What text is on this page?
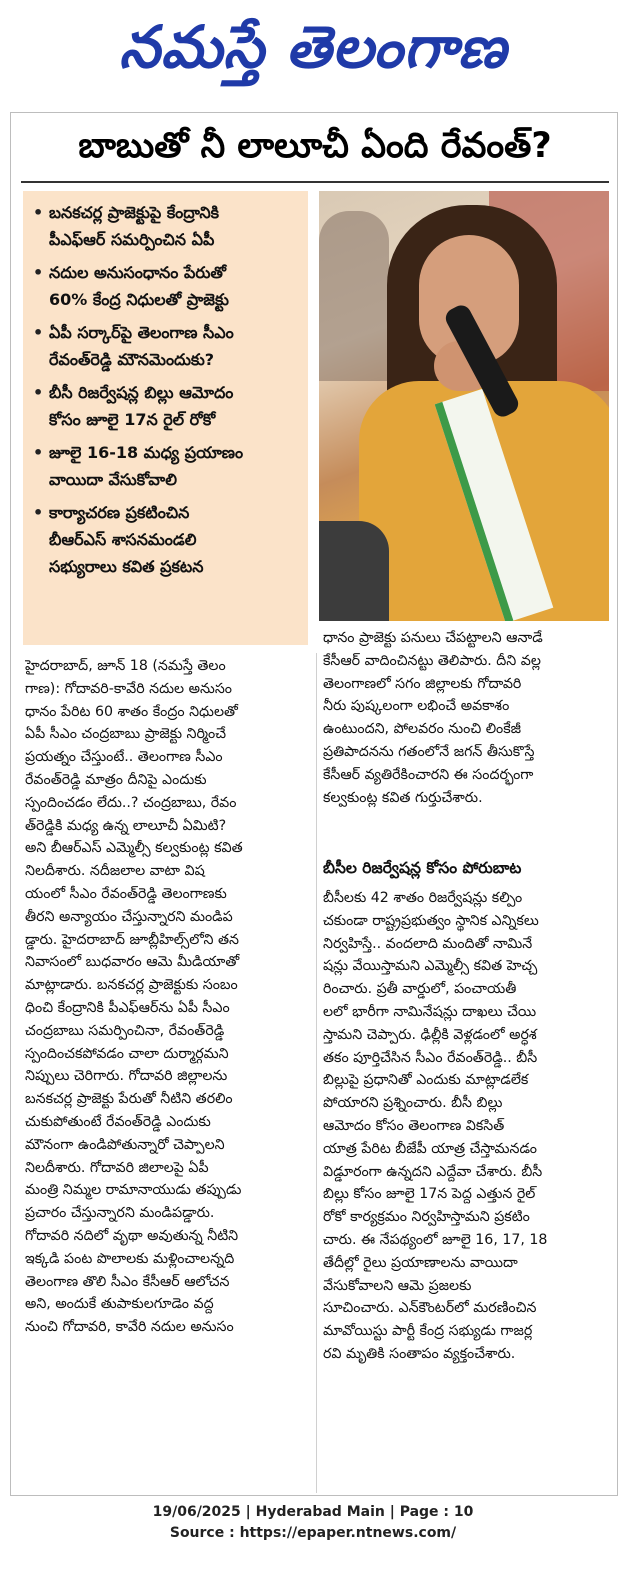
నమస్తే తెలంగాణ
బాబుతో నీ లాలూచీ ఏంది రేవంత్?
• బనకచర్ల ప్రాజెక్టుపై కేంద్రానికి
పీఎఫ్ఆర్ సమర్పించిన ఏపీ
• నదుల అనుసంధానం పేరుతో
60% కేంద్ర నిధులతో ప్రాజెక్టు
• ఏపీ సర్కార్‌పై తెలంగాణ సీఎం
రేవంత్‌రెడ్డి మౌనమెందుకు?
• బీసీ రిజర్వేషన్ల బిల్లు ఆమోదం
కోసం జూలై 17న రైల్ రోకో
• జూలై 16-18 మధ్య ప్రయాణం
వాయిదా వేసుకోవాలి
• కార్యాచరణ ప్రకటించిన
బీఆర్ఎస్ శాసనమండలి
సభ్యురాలు కవిత ప్రకటన
హైదరాబాద్, జూన్ 18 (నమస్తే తెలం
గాణ): గోదావరి-కావేరి నదుల అనుసం
ధానం పేరిట 60 శాతం కేంద్రం నిధులతో
ఏపీ సీఎం చంద్రబాబు ప్రాజెక్టు నిర్మించే
ప్రయత్నం చేస్తుంటే.. తెలంగాణ సీఎం
రేవంత్‌రెడ్డి మాత్రం దీనిపై ఎందుకు
స్పందించడం లేదు..? చంద్రబాబు, రేవం
త్‌రెడ్డికి మధ్య ఉన్న లాలూచీ ఏమిటి?
అని బీఆర్ఎస్ ఎమ్మెల్సీ కల్వకుంట్ల కవిత
నిలదీశారు. నదీజలాల వాటా విష
యంలో సీఎం రేవంత్‌రెడ్డి తెలంగాణకు
తీరని అన్యాయం చేస్తున్నారని మండిప
డ్డారు. హైదరాబాద్ జూబ్లీహిల్స్‌లోని తన
నివాసంలో బుధవారం ఆమె మీడియాతో
మాట్లాడారు. బనకచర్ల ప్రాజెక్టుకు సంబం
ధించి కేంద్రానికి పీఎఫ్ఆర్‌ను ఏపీ సీఎం
చంద్రబాబు సమర్పించినా, రేవంత్‌రెడ్డి
స్పందించకపోవడం చాలా దుర్మార్గమని
నిప్పులు చెరిగారు. గోదావరి జిల్లాలను
బనకచర్ల ప్రాజెక్టు పేరుతో నీటిని తరలిం
చుకుపోతుంటే రేవంత్‌రెడ్డి ఎందుకు
మౌనంగా ఉండిపోతున్నారో చెప్పాలని
నిలదీశారు. గోదావరి జిలాలపై ఏపీ
మంత్రి నిమ్మల రామానాయుడు తప్పుడు
ప్రచారం చేస్తున్నారని మండిపడ్డారు.
గోదావరి నదిలో వృథా అవుతున్న నీటిని
ఇక్కడి పంట పొలాలకు మళ్లించాలన్నది
తెలంగాణ తొలి సీఎం కేసీఆర్ ఆలోచన
అని, అందుకే తుపాకులగూడెం వద్ద
నుంచి గోదావరి, కావేరి నదుల అనుసం
ధానం ప్రాజెక్టు పనులు చేపట్టాలని ఆనాడే
కేసీఆర్ వాదించినట్టు తెలిపారు. దీని వల్ల
తెలంగాణలో సగం జిల్లాలకు గోదావరి
నీరు పుష్కలంగా లభించే అవకాశం
ఉంటుందని, పోలవరం నుంచి లింకేజీ
ప్రతిపాదనను గతంలోనే జగన్ తీసుకొస్తే
కేసీఆర్ వ్యతిరేకించారని ఈ సందర్భంగా
కల్వకుంట్ల కవిత గుర్తుచేశారు.
బీసీల రిజర్వేషన్ల కోసం పోరుబాట
బీసీలకు 42 శాతం రిజర్వేషన్లు కల్పిం
చకుండా రాష్ట్రప్రభుత్వం స్థానిక ఎన్నికలు
నిర్వహిస్తే.. వందలాది మందితో నామినే
షన్లు వేయిస్తామని ఎమ్మెల్సీ కవిత హెచ్చ
రించారు. ప్రతీ వార్డులో, పంచాయతీ
లలో భారీగా నామినేషన్లు దాఖలు చేయి
స్తామని చెప్పారు. ఢిల్లీకి వెళ్లడంలో అర్ధశ
తకం పూర్తిచేసిన సీఎం రేవంత్‌రెడ్డి.. బీసీ
బిల్లుపై ప్రధానితో ఎందుకు మాట్లాడలేక
పోయారని ప్రశ్నించారు. బీసీ బిల్లు
ఆమోదం కోసం తెలంగాణ వికసిత్
యాత్ర పేరిట బీజేపీ యాత్ర చేస్తామనడం
విడ్డూరంగా ఉన్నదని ఎద్దేవా చేశారు. బీసీ
బిల్లు కోసం జూలై 17న పెద్ద ఎత్తున రైల్
రోకో కార్యక్రమం నిర్వహిస్తామని ప్రకటిం
చారు. ఈ నేపథ్యంలో జూలై 16, 17, 18
తేదీల్లో రైలు ప్రయాణాలను వాయిదా
వేసుకోవాలని ఆమె ప్రజలకు
సూచించారు. ఎన్‌కౌంటర్‌లో మరణించిన
మావోయిస్టు పార్టీ కేంద్ర సభ్యుడు గాజర్ల
రవి మృతికి సంతాపం వ్యక్తంచేశారు.
19/06/2025 | Hyderabad Main | Page : 10
Source : https://epaper.ntnews.com/
